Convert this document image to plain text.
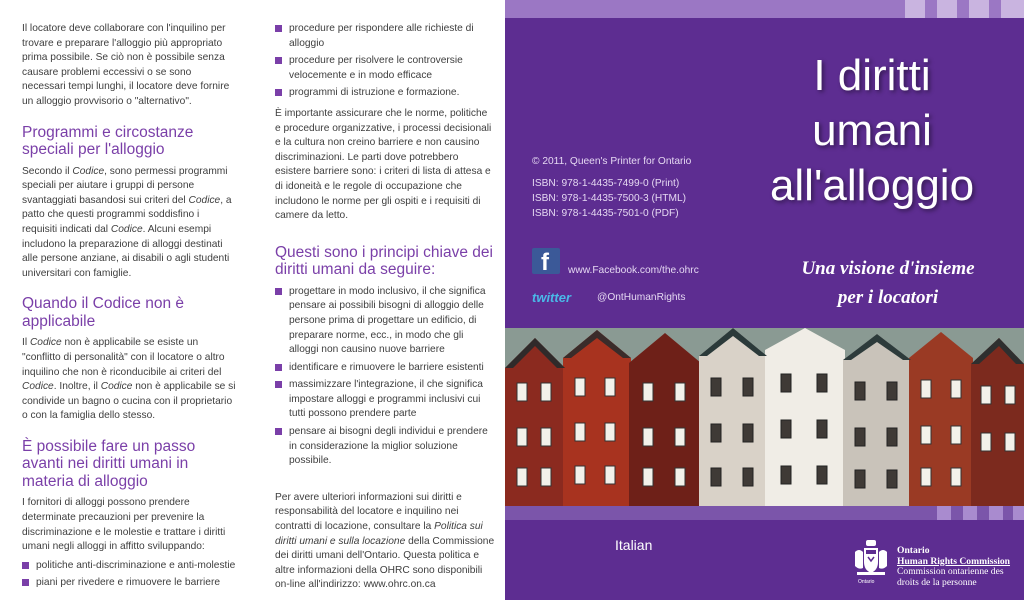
Il locatore deve collaborare con l'inquilino per trovare e preparare l'alloggio più appropriato prima possibile. Se ciò non è possibile senza causare problemi eccessivi o se sono necessari tempi lunghi, il locatore deve fornire un alloggio provvisorio o "alternativo".

Programmi e circostanze speciali per l'alloggio

Secondo il Codice, sono permessi programmi speciali per aiutare i gruppi di persone svantaggiati basandosi sui criteri del Codice, a patto che questi programmi soddisfino i requisiti indicati dal Codice. Alcuni esempi includono la preparazione di alloggi destinati alle persone anziane, ai disabili o agli studenti universitari con famiglie.

Quando il Codice non è applicabile

Il Codice non è applicabile se esiste un "conflitto di personalità" con il locatore o altro inquilino che non è riconducibile ai criteri del Codice. Inoltre, il Codice non è applicabile se si condivide un bagno o cucina con il proprietario o con la famiglia dello stesso.

È possibile fare un passo avanti nei diritti umani in materia di alloggio

I fornitori di alloggi possono prendere determinate precauzioni per prevenire la discriminazione e le molestie e trattare i diritti umani negli alloggi in affitto sviluppando:

politiche anti-discriminazione e anti-molestie
piani per rivedere e rimuovere le barriere
procedure per rispondere alle richieste di alloggio
procedure per risolvere le controversie velocemente e in modo efficace
programmi di istruzione e formazione.

È importante assicurare che le norme, politiche e procedure organizzative, i processi decisionali e la cultura non creino barriere e non causino discriminazioni. Le parti dove potrebbero esistere barriere sono: i criteri di lista di attesa e di idoneità e le regole di occupazione che includono le norme per gli ospiti e i requisiti di camere da letto.

Questi sono i principi chiave dei diritti umani da seguire:
progettare in modo inclusivo, il che significa pensare ai possibili bisogni di alloggio delle persone prima di progettare un edificio, di preparare norme, ecc., in modo che gli alloggi non causino nuove barriere
identificare e rimuovere le barriere esistenti
massimizzare l'integrazione, il che significa impostare alloggi e programmi inclusivi cui tutti possono prendere parte
pensare ai bisogni degli individui e prendere in considerazione la miglior soluzione possibile.

Per avere ulteriori informazioni sui diritti e responsabilità del locatore e inquilino nei contratti di locazione, consultare la Politica sui diritti umani e sulla locazione della Commissione dei diritti umani dell'Ontario. Questa politica e altre informazioni della OHRC sono disponibili on-line all'indirizzo: www.ohrc.on.ca

I diritti
umani
all'alloggio
© 2011, Queen's Printer for Ontario
ISBN: 978-1-4435-7499-0 (Print)
ISBN: 978-1-4435-7500-3 (HTML)
ISBN: 978-1-4435-7501-0 (PDF)
Una visione d'insieme
per i locatori
f www.Facebook.com/the.ohrc
twitter	@OntHumanRights
Italian
Ontario
Ontario
Human Rights Commission
Commission ontarienne des
droits de la personne
